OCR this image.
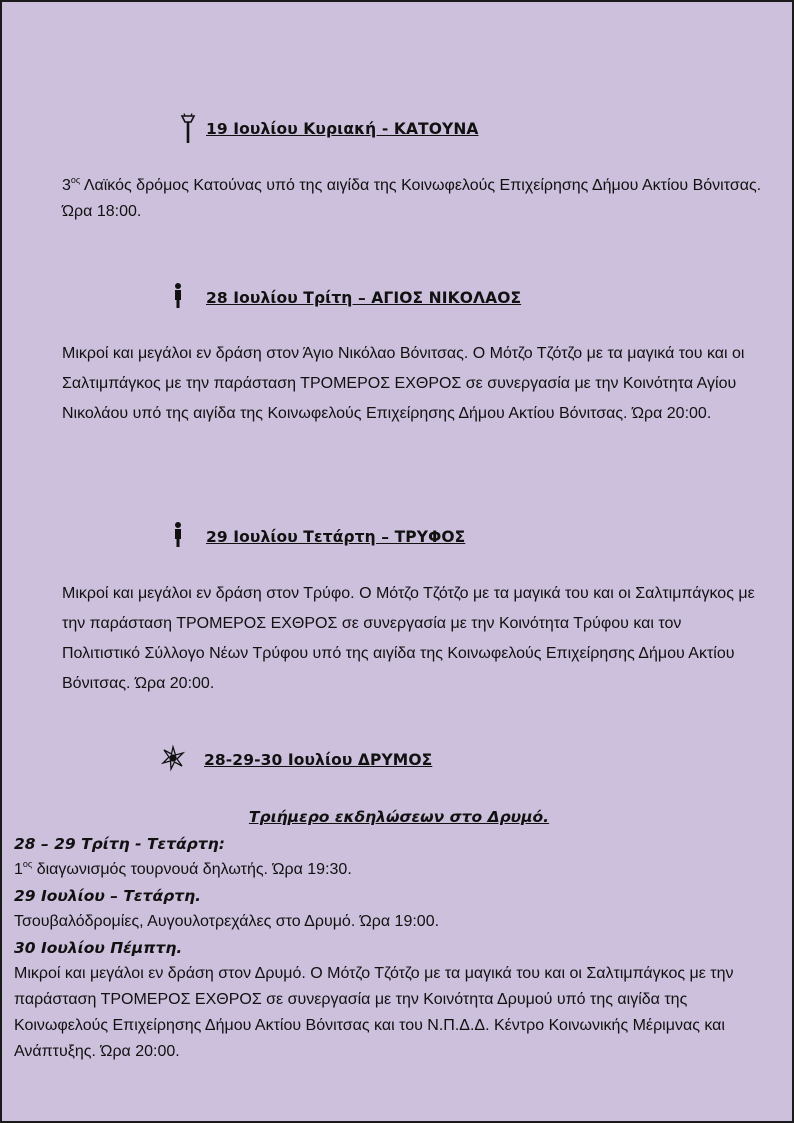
19 Ιουλίου Κυριακή - ΚΑΤΟΥΝΑ

$3^{o\varsigma}$ Λαϊκός δρόμος Κατούνας υπό της αιγίδα της Κοινωφελούς Επιχείρησης Δήμου Ακτίου Βόνιτσας. Ώρα 18:00.

28 Ιουλίου Τρίτη – ΑΓΙΟΣ ΝΙΚΟΛΑΟΣ

Μικροί και μεγάλοι εν δράση στον Άγιο Νικόλαο Βόνιτσας. Ο Μότζο Τζότζο με τα μαγικά του και οι Σαλτιμπάγκος με την παράσταση ΤΡΟΜΕΡΟΣ ΕΧΘΡΟΣ σε συνεργασία με την Κοινότητα Αγίου Νικολάου υπό της αιγίδα της Κοινωφελούς Επιχείρησης Δήμου Ακτίου Βόνιτσας. Ώρα 20:00.

29 Ιουλίου Τετάρτη – ΤΡΥΦΟΣ

Μικροί και μεγάλοι εν δράση στον Τρύφο. Ο Μότζο Τζότζο με τα μαγικά του και οι Σαλτιμπάγκος με την παράσταση ΤΡΟΜΕΡΟΣ ΕΧΘΡΟΣ σε συνεργασία με την Κοινότητα Τρύφου και τον Πολιτιστικό Σύλλογο Νέων Τρύφου υπό της αιγίδα της Κοινωφελούς Επιχείρησης Δήμου Ακτίου Βόνιτσας. Ώρα 20:00.

28-29-30 Ιουλίου ΔΡΥΜΟΣ
Τριήμερο εκδηλώσεων στο Δρυμό.
28 – 29 Τρίτη - Τετάρτη:

$1^{o\varsigma}$ διαγωνισμός τουρνουά δηλωτής. Ώρα 19:30.

29 Ιουλίου – Τετάρτη.

Τσουβαλόδρομίες, Αυγουλοτρεχάλες στο Δρυμό. Ώρα 19:00.

30 Ιουλίου Πέμπτη.

Μικροί και μεγάλοι εν δράση στον Δρυμό. Ο Μότζο Τζότζο με τα μαγικά του και οι Σαλτιμπάγκος με την παράσταση ΤΡΟΜΕΡΟΣ ΕΧΘΡΟΣ σε συνεργασία με την Κοινότητα Δρυμού υπό της αιγίδα της Κοινωφελούς Επιχείρησης Δήμου Ακτίου Βόνιτσας και του Ν.Π.Δ.Δ. Κέντρο Κοινωνικής Μέριμνας και Ανάπτυξης. Ώρα 20:00.
